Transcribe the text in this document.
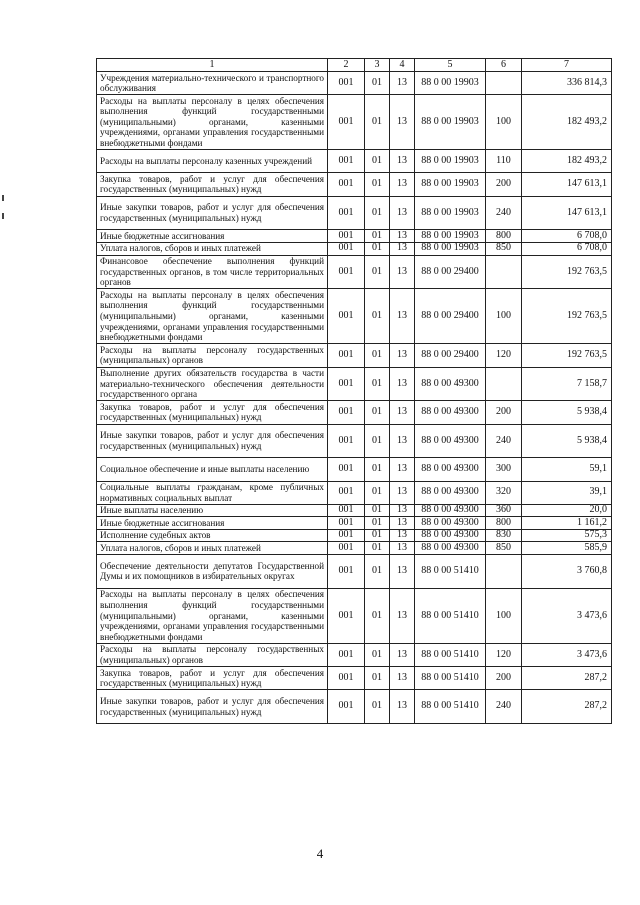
1	2	3	4	5	6	7
Учреждения материально-технического и транспортного обслуживания	001	01	13	88 0 00 19903		336 814,3
Расходы на выплаты персоналу в целях обеспечения выполнения функций государственными (муниципальными) органами, казенными учреждениями, органами управления государственными внебюджетными фондами	001	01	13	88 0 00 19903	100	182 493,2
Расходы на выплаты персоналу казенных учреждений	001	01	13	88 0 00 19903	110	182 493,2
Закупка товаров, работ и услуг для обеспечения государственных (муниципальных) нужд	001	01	13	88 0 00 19903	200	147 613,1
Иные закупки товаров, работ и услуг для обеспечения государственных (муниципальных) нужд	001	01	13	88 0 00 19903	240	147 613,1
Иные бюджетные ассигнования	001	01	13	88 0 00 19903	800	6 708,0
Уплата налогов, сборов и иных платежей	001	01	13	88 0 00 19903	850	6 708,0
Финансовое обеспечение выполнения функций государственных органов, в том числе территориальных органов	001	01	13	88 0 00 29400		192 763,5
Расходы на выплаты персоналу в целях обеспечения выполнения функций государственными (муниципальными) органами, казенными учреждениями, органами управления государственными внебюджетными фондами	001	01	13	88 0 00 29400	100	192 763,5
Расходы на выплаты персоналу государственных (муниципальных) органов	001	01	13	88 0 00 29400	120	192 763,5
Выполнение других обязательств государства в части материально-технического обеспечения деятельности государственного органа	001	01	13	88 0 00 49300		7 158,7
Закупка товаров, работ и услуг для обеспечения государственных (муниципальных) нужд	001	01	13	88 0 00 49300	200	5 938,4
Иные закупки товаров, работ и услуг для обеспечения государственных (муниципальных) нужд	001	01	13	88 0 00 49300	240	5 938,4
Социальное обеспечение и иные выплаты населению	001	01	13	88 0 00 49300	300	59,1
Социальные выплаты гражданам, кроме публичных нормативных социальных выплат	001	01	13	88 0 00 49300	320	39,1
Иные выплаты населению	001	01	13	88 0 00 49300	360	20,0
Иные бюджетные ассигнования	001	01	13	88 0 00 49300	800	1 161,2
Исполнение судебных актов	001	01	13	88 0 00 49300	830	575,3
Уплата налогов, сборов и иных платежей	001	01	13	88 0 00 49300	850	585,9
Обеспечение деятельности депутатов Государственной Думы и их помощников в избирательных округах	001	01	13	88 0 00 51410		3 760,8
Расходы на выплаты персоналу в целях обеспечения выполнения функций государственными (муниципальными) органами, казенными учреждениями, органами управления государственными внебюджетными фондами	001	01	13	88 0 00 51410	100	3 473,6
Расходы на выплаты персоналу государственных (муниципальных) органов	001	01	13	88 0 00 51410	120	3 473,6
Закупка товаров, работ и услуг для обеспечения государственных (муниципальных) нужд	001	01	13	88 0 00 51410	200	287,2
Иные закупки товаров, работ и услуг для обеспечения государственных (муниципальных) нужд	001	01	13	88 0 00 51410	240	287,2
4
